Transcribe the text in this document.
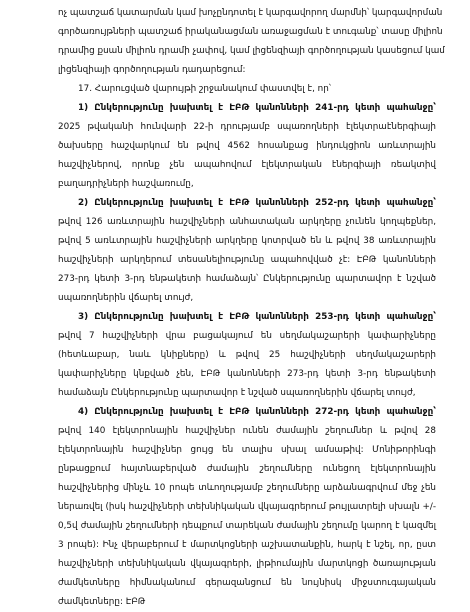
ոչ պատշաճ կատարման կամ խոչընդոտել է կարգավորող մարմնի՝ կարգավորման
գործառույթների պատշաճ իրականացման առաջացման է տուգանք՝ տասը միլիոն
դրամից քսան միլիոն դրամի չափով, կամ լիցենզիայի գործողության կասեցում կամ
լիցենզիայի գործողության դադարեցում:

17. Հարուցված վարույթի շրջանակում փաստվել է, որ՝

1) Ընկերությունը խախտել է ԷԲԹ կանոնների 241-րդ կետի պահանջը՝ 2025 թվականի հունվարի 22-ի դրությամբ սպառողների էլեկտրաէներգիայի ծախսերը հաշվարկում են թվով 4562 հոսանքաց ինդուկցիոն առևտրային հաշվիչներով, որոնք չեն ապահովում էլեկտրական էներգիայի ռեակտիվ բաղադրիչների հաշվառումը,

2) Ընկերությունը խախտել է ԷԲԹ կանոնների 252-րդ կետի պահանջը՝ թվով 126 առևտրային հաշվիչների անհատական արկղերը չունեն կողպեքներ, թվով 5 առևտրային հաշվիչների արկղերը կոտրված են և թվով 38 առևտրային հաշվիչների արկղերում տեսանելիությունը ապահովված չէ: ԷԲԹ կանոնների 273-րդ կետի 3-րդ ենթակետի համաձայն՝ Ընկերությունը պարտավոր է նշված սպառողներին վճարել տույժ,

3) Ընկերությունը խախտել է ԷԲԹ կանոնների 253-րդ կետի պահանջը՝ թվով 7 հաշվիչների վրա բացակայում են սեղմակաշարերի կափարիչները (հետևաբար, նաև կնիքները) և թվով 25 հաշվիչների սեղմակաշարերի կափարիչները կնքված չեն, ԷԲԹ կանոնների 273-րդ կետի 3-րդ ենթակետի համաձայն Ընկերությունը պարտավոր է նշված սպառողներին վճարել տույժ,

4) Ընկերությունը խախտել է ԷԲԹ կանոնների 272-րդ կետի պահանջը՝ թվով 140 էլեկտրոնային հաշվիչներ ունեն ժամային շեղումներ և թվով 28 էլեկտրոնային հաշվիչներ ցույց են տալիս սխալ ամսաթիվ: Մոնիթորինգի ընթացքում հայտնաբերված ժամային շեղումները ունեցող էլեկտրոնային հաշվիչներից մինչև 10 րոպե տևողությամբ շեղումները արձանագրվում մեջ չեն ներառվել (իսկ հաշվիչների տեխնիկական վկայագրերում թույլատրելի սխալն +/- 0,5վ ժամային շեղումների դեպքում տարեկան ժամային շեղումը կարող է կազմել 3 րոպե): Ինչ վերաբերում է մարտկոցների աշխատանքին, հարկ է նշել, որ, ըստ հաշվիչների տեխնիկական վկայագրերի, լիթիումային մարտկոցի ծառայության ժամկետները հիմնականում գերազանցում են նույնիսկ միջստուգայական ժամկետները: ԷԲԹ
